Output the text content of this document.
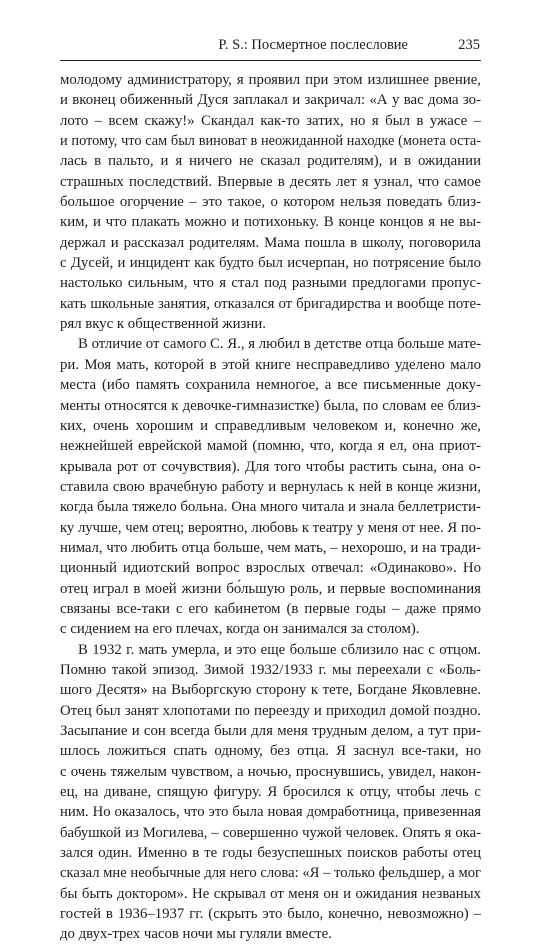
P. S.: Посмертное послесловие	235

молодому администратору, я проявил при этом излишнее рвение,
и вконец обиженный Дуся заплакал и закричал: «А у вас дома зо-
лото – всем скажу!» Скандал как-то затих, но я был в ужасе –
и потому, что сам был виноват в неожиданной находке (монета оста-
лась в пальто, и я ничего не сказал родителям), и в ожидании
страшных последствий. Впервые в десять лет я узнал, что самое
большое огорчение – это такое, о котором нельзя поведать близ-
ким, и что плакать можно и потихоньку. В конце концов я не вы-
держал и рассказал родителям. Мама пошла в школу, поговорила
с Дусей, и инцидент как будто был исчерпан, но потрясение было
настолько сильным, что я стал под разными предлогами пропус-
кать школьные занятия, отказался от бригадирства и вообще поте-
рял вкус к общественной жизни.

В отличие от самого С. Я., я любил в детстве отца больше мате-
ри. Моя мать, которой в этой книге несправедливо уделено мало
места (ибо память сохранила немногое, а все письменные доку-
менты относятся к девочке-гимназистке) была, по словам ее близ-
ких, очень хорошим и справедливым человеком и, конечно же,
нежнейшей еврейской мамой (помню, что, когда я ел, она приот-
крывала рот от сочувствия). Для того чтобы растить сына, она о-
ставила свою врачебную работу и вернулась к ней в конце жизни,
когда была тяжело больна. Она много читала и знала беллетристи-
ку лучше, чем отец; вероятно, любовь к театру у меня от нее. Я по-
нимал, что любить отца больше, чем мать, – нехорошо, и на тради-
ционный идиотский вопрос взрослых отвечал: «Одинаково». Но
отец играл в моей жизни бо́льшую роль, и первые воспоминания
связаны все-таки с его кабинетом (в первые годы – даже прямо
с сидением на его плечах, когда он занимался за столом).

В 1932 г. мать умерла, и это еще больше сблизило нас с отцом.
Помню такой эпизод. Зимой 1932/1933 г. мы переехали с «Боль-
шого Десятя» на Выборгскую сторону к тете, Богдане Яковлевне.
Отец был занят хлопотами по переезду и приходил домой поздно.
Засыпание и сон всегда были для меня трудным делом, а тут при-
шлось ложиться спать одному, без отца. Я заснул все-таки, но
с очень тяжелым чувством, а ночью, проснувшись, увидел, након-
ец, на диване, спящую фигуру. Я бросился к отцу, чтобы лечь с
ним. Но оказалось, что это была новая домработница, привезенная
бабушкой из Могилева, – совершенно чужой человек. Опять я ока-
зался один. Именно в те годы безуспешных поисков работы отец
сказал мне необычные для него слова: «Я – только фельдшер, а мог
бы быть доктором». Не скрывал от меня он и ожидания незваных
гостей в 1936–1937 гг. (скрыть это было, конечно, невозможно) –
до двух-трех часов ночи мы гуляли вместе.
